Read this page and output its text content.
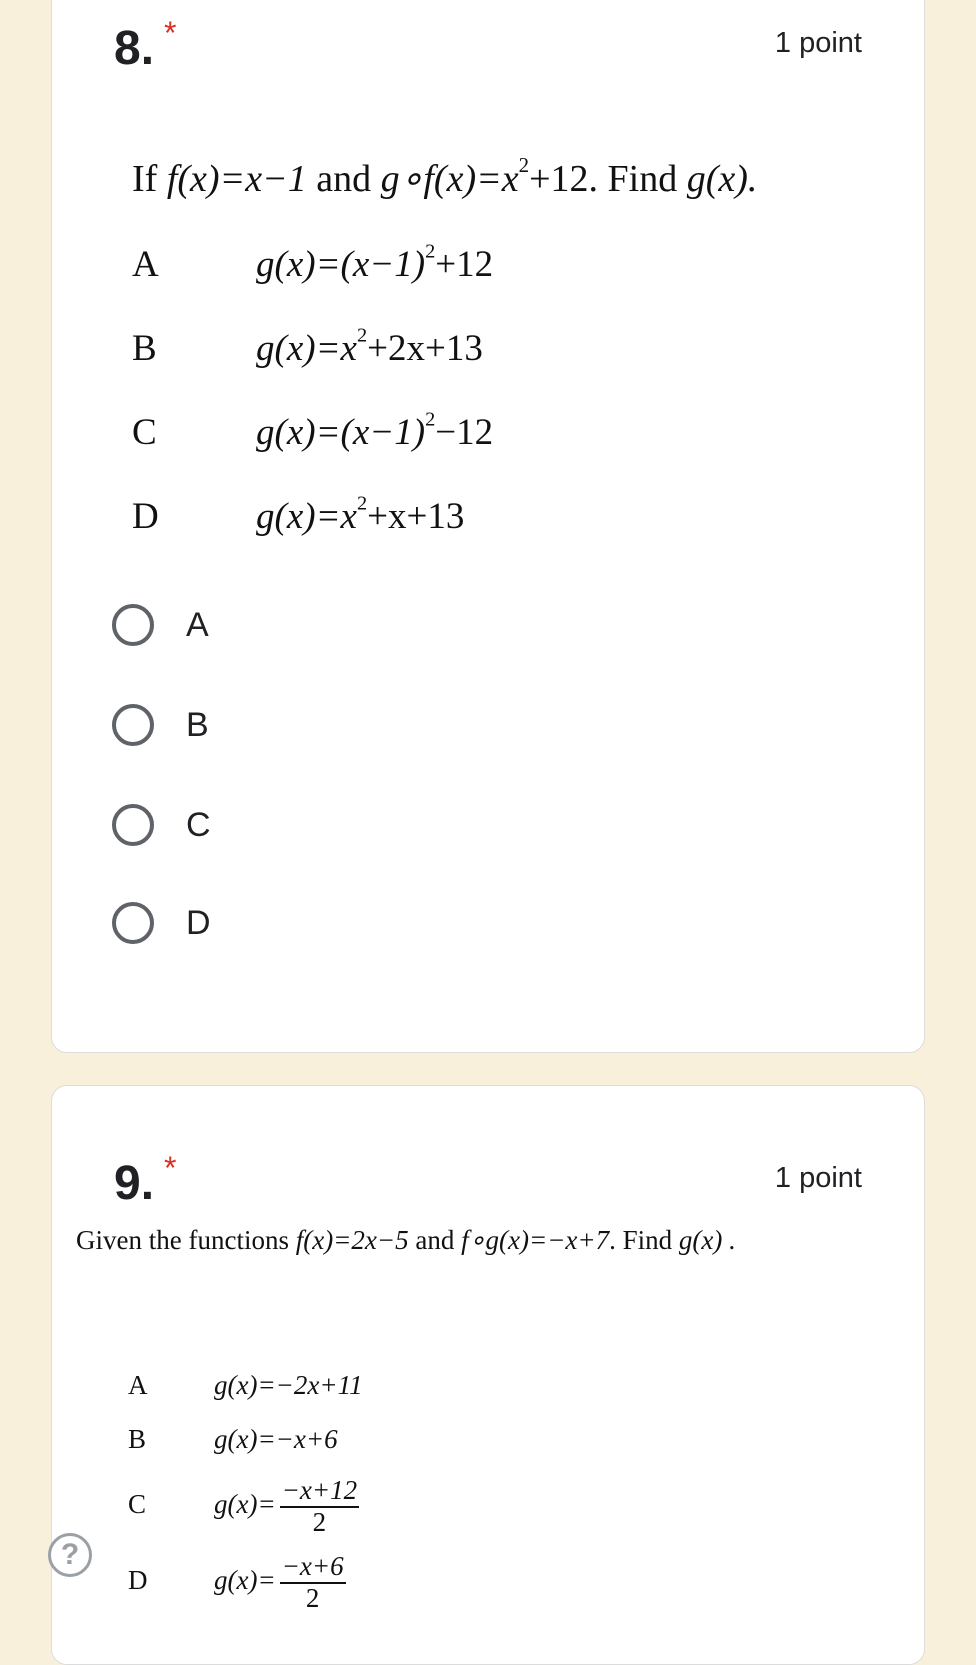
8. *	1 point
If f(x)=x−1 and $g\circ f(x)=x^2+12$. Find g(x).
A	$g(x)=(x-1)^2+12$
B	$g(x)=x^2+2x+13$
C	$g(x)=(x-1)^2-12$
D	$g(x)=x^2+x+13$
A
B
C
D
9. *	1 point
Given the functions f(x)=2x−5 and f∘g(x)=−x+7. Find g(x) .
A g(x)=−2x+11
B	g(x)=−x+6
C	$g(x)= \frac{-x+12}{2}$
D $g(x)= \frac{-x+6}{2}$
?
